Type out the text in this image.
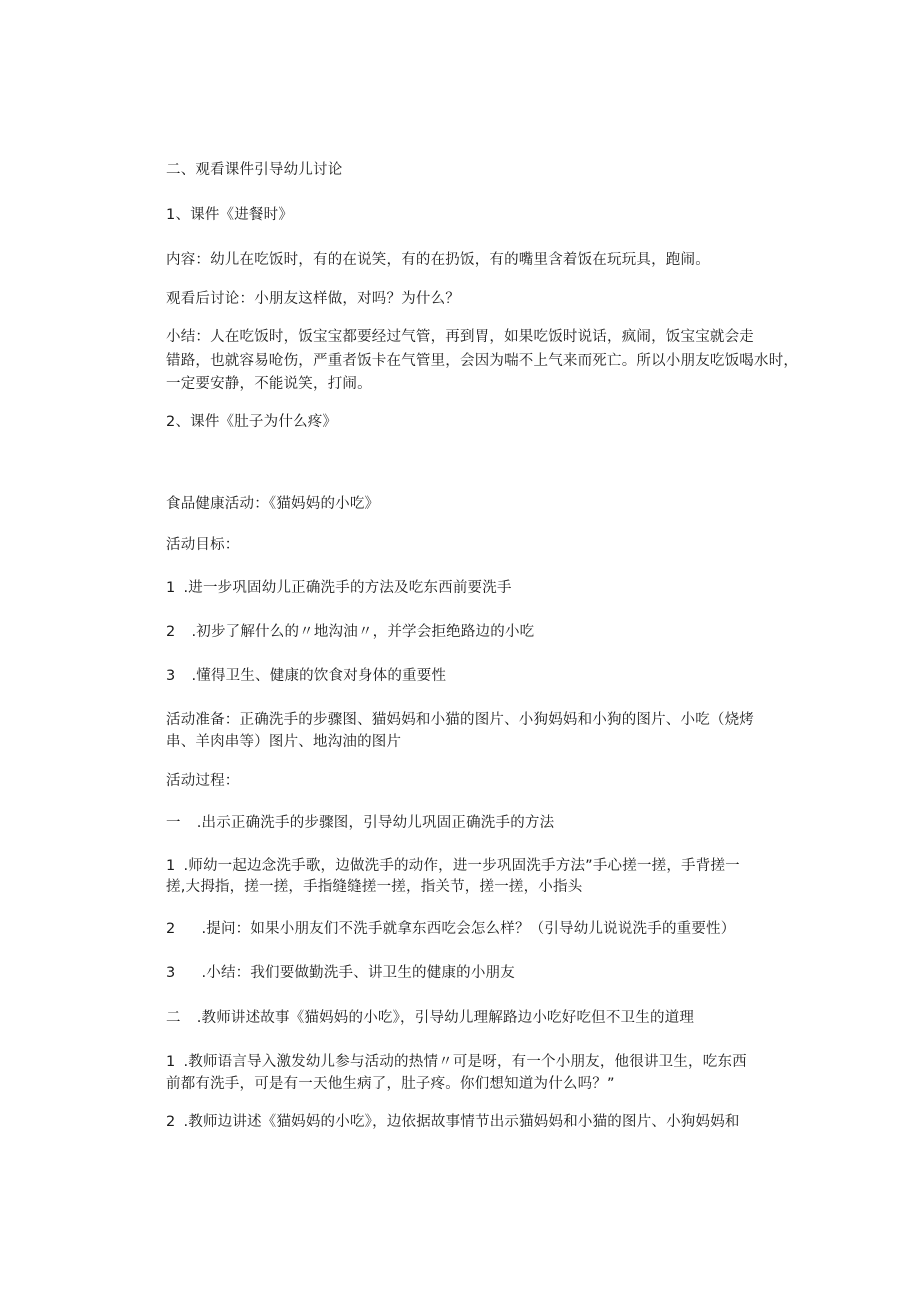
二、观看课件引导幼儿讨论
1、课件《进餐时》
内容：幼儿在吃饭时，有的在说笑，有的在扔饭，有的嘴里含着饭在玩玩具，跑闹。
观看后讨论：小朋友这样做，对吗？为什么？
小结：人在吃饭时，饭宝宝都要经过气管，再到胃，如果吃饭时说话，疯闹，饭宝宝就会走
错路，也就容易呛伤，严重者饭卡在气管里，会因为喘不上气来而死亡。所以小朋友吃饭喝水时，
一定要安静，不能说笑，打闹。
2、课件《肚子为什么疼》
食品健康活动：《猫妈妈的小吃》
活动目标：
1 .进一步巩固幼儿正确洗手的方法及吃东西前要洗手
2 .初步了解什么的〃地沟油〃，并学会拒绝路边的小吃
3 .懂得卫生、健康的饮食对身体的重要性
活动准备：正确洗手的步骤图、猫妈妈和小猫的图片、小狗妈妈和小狗的图片、小吃（烧烤
串、羊肉串等）图片、地沟油的图片
活动过程：
一 .出示正确洗手的步骤图，引导幼儿巩固正确洗手的方法
1 .师幼一起边念洗手歌，边做洗手的动作，进一步巩固洗手方法”手心搓一搓，手背搓一
搓,大拇指，搓一搓，手指缝缝搓一搓，指关节，搓一搓，小指头
2 .提问：如果小朋友们不洗手就拿东西吃会怎么样？（引导幼儿说说洗手的重要性）
3 .小结：我们要做勤洗手、讲卫生的健康的小朋友
二 .教师讲述故事《猫妈妈的小吃》，引导幼儿理解路边小吃好吃但不卫生的道理
1 .教师语言导入激发幼儿参与活动的热情〃可是呀，有一个小朋友，他很讲卫生，吃东西
前都有洗手，可是有一天他生病了，肚子疼。你们想知道为什么吗？”
2 .教师边讲述《猫妈妈的小吃》，边依据故事情节出示猫妈妈和小猫的图片、小狗妈妈和
